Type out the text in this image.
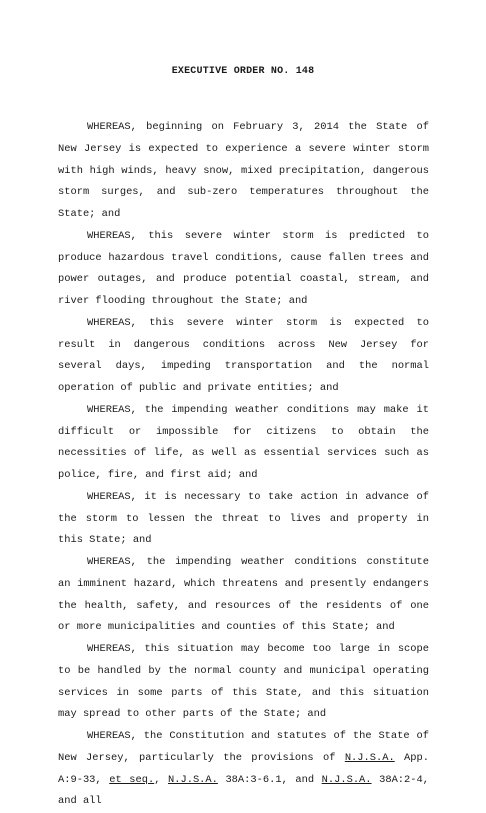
EXECUTIVE ORDER NO. 148

WHEREAS, beginning on February 3, 2014 the State of New Jersey is expected to experience a severe winter storm with high winds, heavy snow, mixed precipitation, dangerous storm surges, and sub-zero temperatures throughout the State; and

WHEREAS, this severe winter storm is predicted to produce hazardous travel conditions, cause fallen trees and power outages, and produce potential coastal, stream, and river flooding throughout the State; and

WHEREAS, this severe winter storm is expected to result in dangerous conditions across New Jersey for several days, impeding transportation and the normal operation of public and private entities; and

WHEREAS, the impending weather conditions may make it difficult or impossible for citizens to obtain the necessities of life, as well as essential services such as police, fire, and first aid; and

WHEREAS, it is necessary to take action in advance of the storm to lessen the threat to lives and property in this State; and

WHEREAS, the impending weather conditions constitute an imminent hazard, which threatens and presently endangers the health, safety, and resources of the residents of one or more municipalities and counties of this State; and

WHEREAS, this situation may become too large in scope to be handled by the normal county and municipal operating services in some parts of this State, and this situation may spread to other parts of the State; and

WHEREAS, the Constitution and statutes of the State of New Jersey, particularly the provisions of N.J.S.A. App. A:9-33, et seq., N.J.S.A. 38A:3-6.1, and N.J.S.A. 38A:2-4, and all
